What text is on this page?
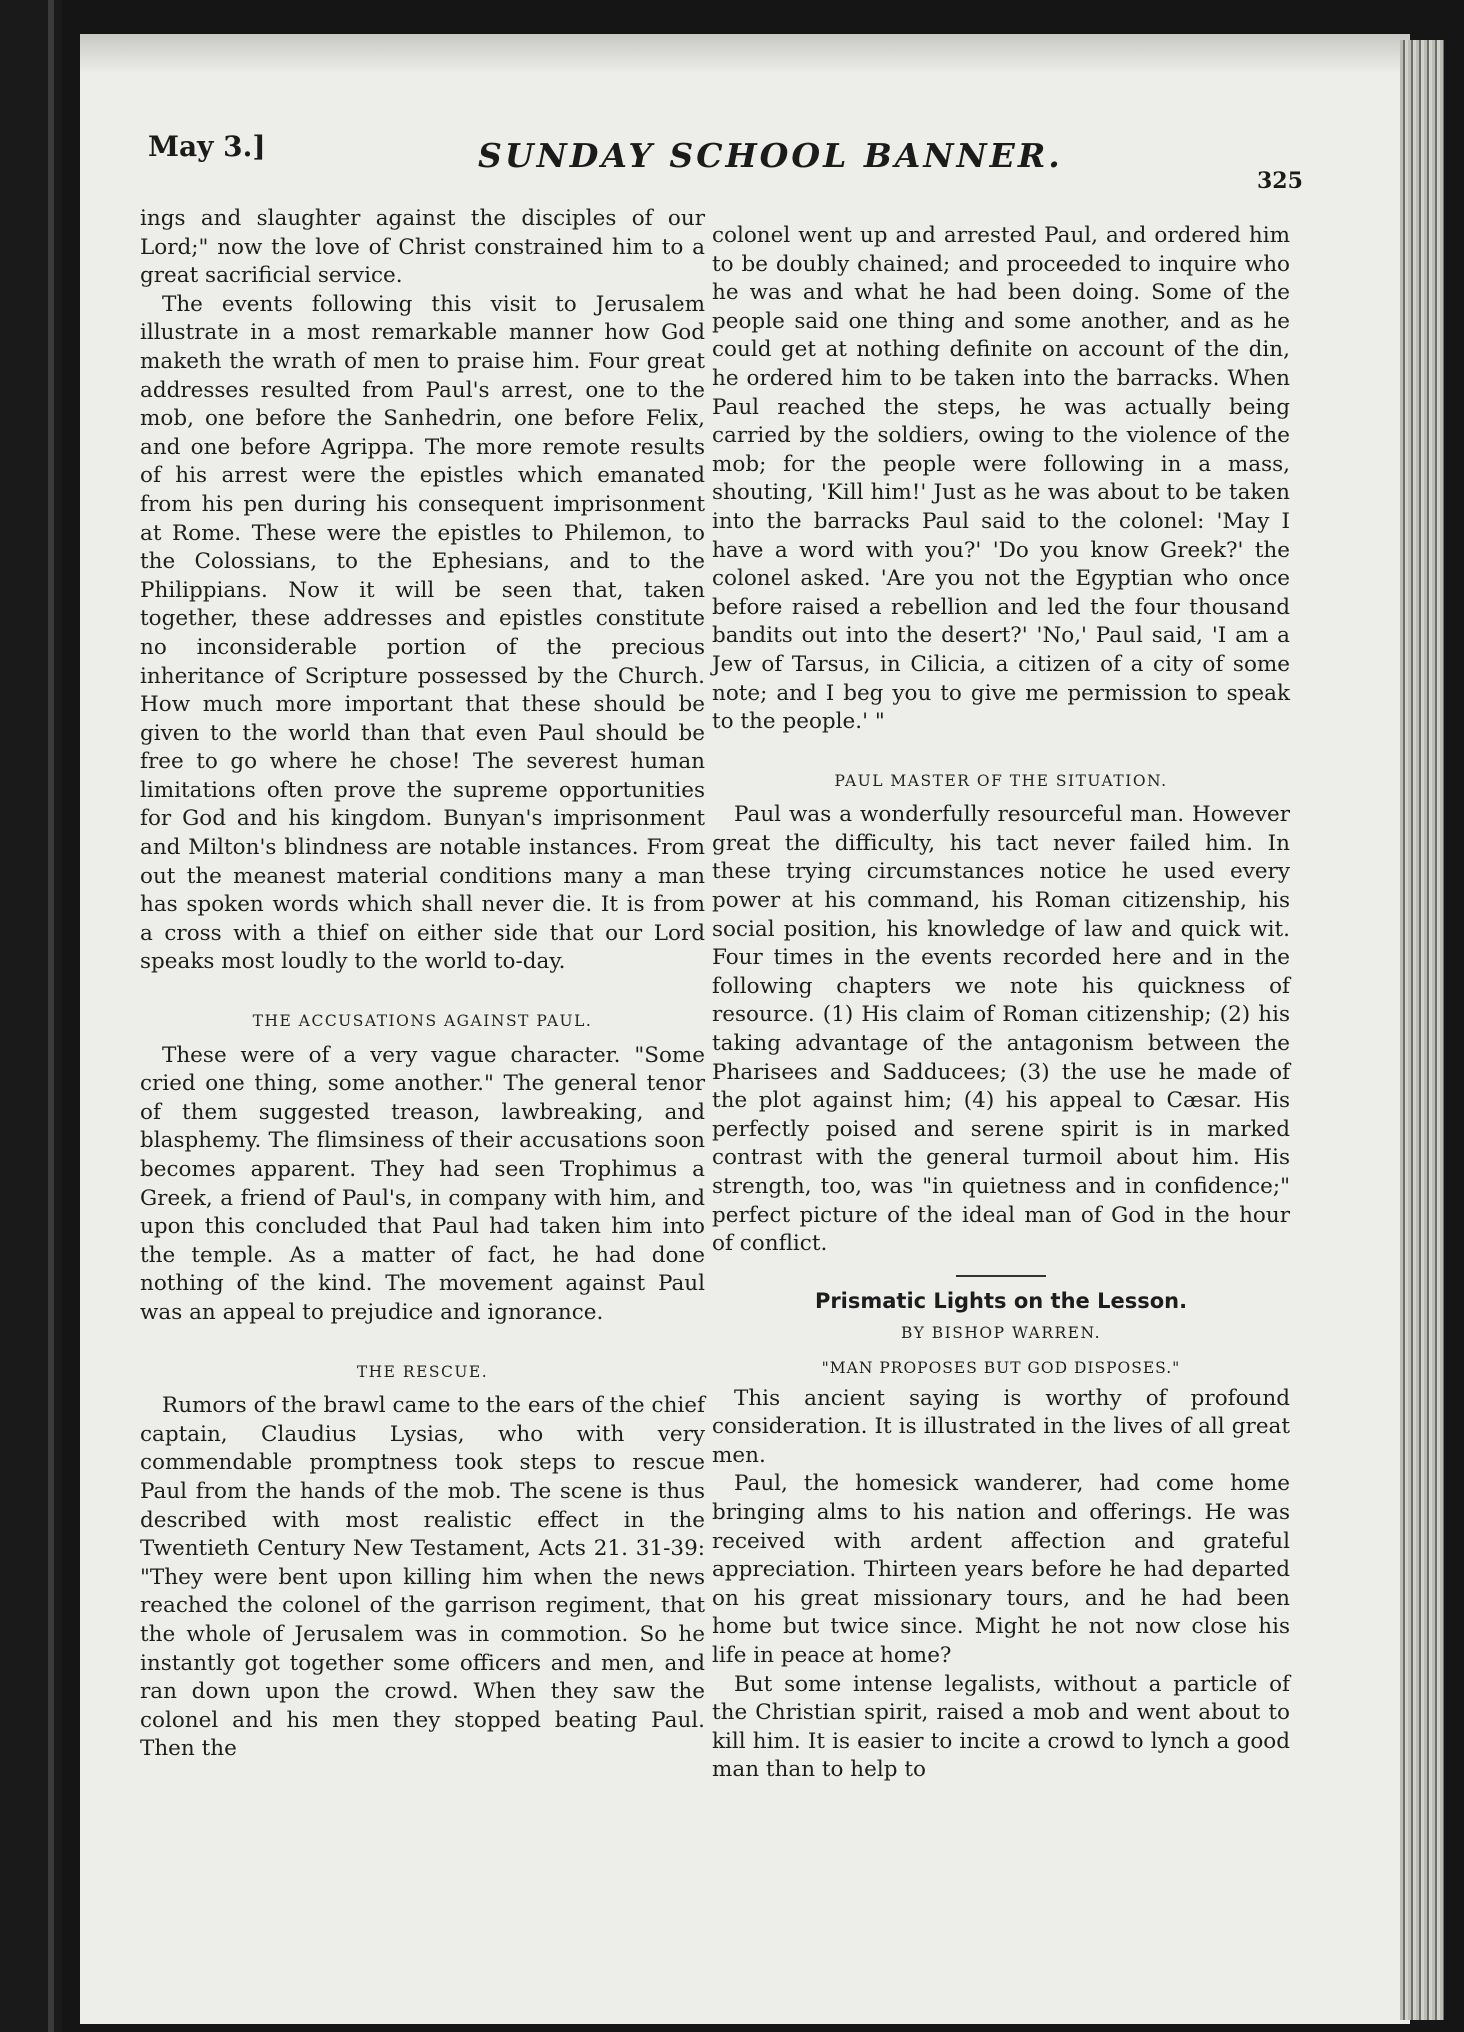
May 3.]	SUNDAY SCHOOL BANNER.
325

ings and slaughter against the disciples of our Lord;" now the love of Christ constrained him to a great sacrificial service.

The events following this visit to Jerusalem illustrate in a most remarkable manner how God maketh the wrath of men to praise him. Four great addresses resulted from Paul's arrest, one to the mob, one before the Sanhedrin, one before Felix, and one before Agrippa. The more remote results of his arrest were the epistles which emanated from his pen during his consequent imprisonment at Rome. These were the epistles to Philemon, to the Colossians, to the Ephesians, and to the Philippians. Now it will be seen that, taken together, these addresses and epistles constitute no inconsiderable portion of the precious inheritance of Scripture possessed by the Church. How much more important that these should be given to the world than that even Paul should be free to go where he chose! The severest human limitations often prove the supreme opportunities for God and his kingdom. Bunyan's imprisonment and Milton's blindness are notable instances. From out the meanest material conditions many a man has spoken words which shall never die. It is from a cross with a thief on either side that our Lord speaks most loudly to the world to-day.

THE ACCUSATIONS AGAINST PAUL.

These were of a very vague character. "Some cried one thing, some another." The general tenor of them suggested treason, lawbreaking, and blasphemy. The flimsiness of their accusations soon becomes apparent. They had seen Trophimus a Greek, a friend of Paul's, in company with him, and upon this concluded that Paul had taken him into the temple. As a matter of fact, he had done nothing of the kind. The movement against Paul was an appeal to prejudice and ignorance.

THE RESCUE.

Rumors of the brawl came to the ears of the chief captain, Claudius Lysias, who with very commendable promptness took steps to rescue Paul from the hands of the mob. The scene is thus described with most realistic effect in the Twentieth Century New Testament, Acts 21. 31-39: "They were bent upon killing him when the news reached the colonel of the garrison regiment, that the whole of Jerusalem was in commotion. So he instantly got together some officers and men, and ran down upon the crowd. When they saw the colonel and his men they stopped beating Paul. Then the

colonel went up and arrested Paul, and ordered him to be doubly chained; and proceeded to inquire who he was and what he had been doing. Some of the people said one thing and some another, and as he could get at nothing definite on account of the din, he ordered him to be taken into the barracks. When Paul reached the steps, he was actually being carried by the soldiers, owing to the violence of the mob; for the people were following in a mass, shouting, 'Kill him!' Just as he was about to be taken into the barracks Paul said to the colonel: 'May I have a word with you?' 'Do you know Greek?' the colonel asked. 'Are you not the Egyptian who once before raised a rebellion and led the four thousand bandits out into the desert?' 'No,' Paul said, 'I am a Jew of Tarsus, in Cilicia, a citizen of a city of some note; and I beg you to give me permission to speak to the people.' "

PAUL MASTER OF THE SITUATION.

Paul was a wonderfully resourceful man. However great the difficulty, his tact never failed him. In these trying circumstances notice he used every power at his command, his Roman citizenship, his social position, his knowledge of law and quick wit. Four times in the events recorded here and in the following chapters we note his quickness of resource. (1) His claim of Roman citizenship; (2) his taking advantage of the antagonism between the Pharisees and Sadducees; (3) the use he made of the plot against him; (4) his appeal to Cæsar. His perfectly poised and serene spirit is in marked contrast with the general turmoil about him. His strength, too, was "in quietness and in confidence;" perfect picture of the ideal man of God in the hour of conflict.

Prismatic Lights on the Lesson.
BY BISHOP WARREN.
"MAN PROPOSES BUT GOD DISPOSES."

This ancient saying is worthy of profound consideration. It is illustrated in the lives of all great men.

Paul, the homesick wanderer, had come home bringing alms to his nation and offerings. He was received with ardent affection and grateful appreciation. Thirteen years before he had departed on his great missionary tours, and he had been home but twice since. Might he not now close his life in peace at home?

But some intense legalists, without a particle of the Christian spirit, raised a mob and went about to kill him. It is easier to incite a crowd to lynch a good man than to help to
